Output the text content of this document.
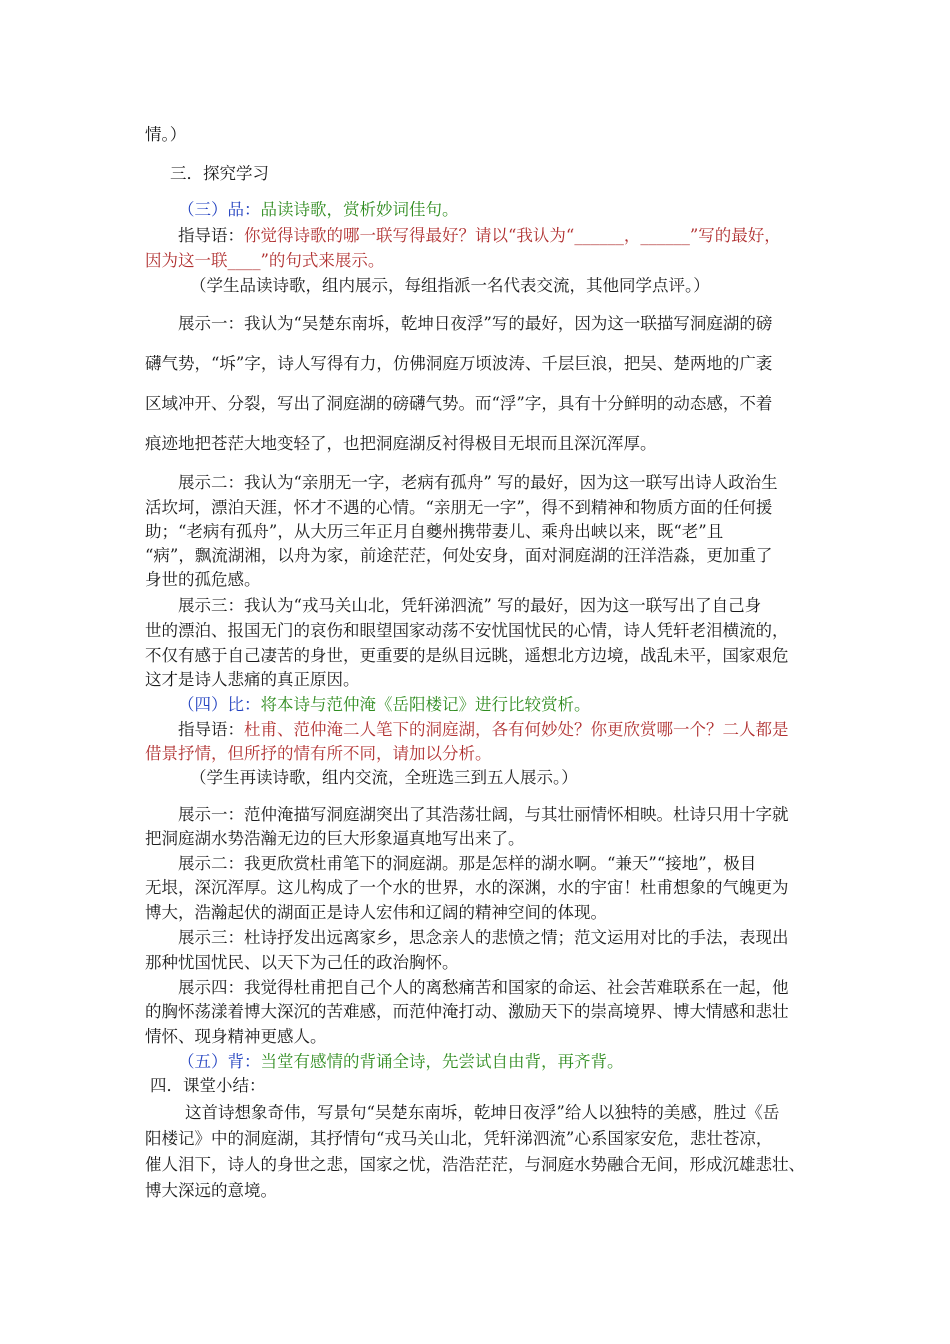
情。）
三．探究学习
（三）品：品读诗歌，赏析妙词佳句。
指导语：你觉得诗歌的哪一联写得最好？请以“我认为“______，______”写的最好，
因为这一联____”的句式来展示。
（学生品读诗歌，组内展示，每组指派一名代表交流，其他同学点评。）
展示一：我认为“吴楚东南坼，乾坤日夜浮”写的最好，因为这一联描写洞庭湖的磅
礴气势，“坼”字，诗人写得有力，仿佛洞庭万顷波涛、千层巨浪，把吴、楚两地的广袤
区域冲开、分裂，写出了洞庭湖的磅礴气势。而“浮”字，具有十分鲜明的动态感，不着
痕迹地把苍茫大地变轻了，也把洞庭湖反衬得极目无垠而且深沉浑厚。
展示二：我认为“亲朋无一字，老病有孤舟” 写的最好，因为这一联写出诗人政治生
活坎坷，漂泊天涯，怀才不遇的心情。“亲朋无一字”，得不到精神和物质方面的任何援
助；“老病有孤舟”，从大历三年正月自夔州携带妻儿、乘舟出峡以来，既“老”且
“病”，飘流湖湘，以舟为家，前途茫茫，何处安身，面对洞庭湖的汪洋浩淼，更加重了
身世的孤危感。
展示三：我认为“戎马关山北，凭轩涕泗流” 写的最好，因为这一联写出了自己身
世的漂泊、报国无门的哀伤和眼望国家动荡不安忧国忧民的心情，诗人凭轩老泪横流的，
不仅有感于自己凄苦的身世，更重要的是纵目远眺，遥想北方边境，战乱未平，国家艰危
这才是诗人悲痛的真正原因。
（四）比：将本诗与范仲淹《岳阳楼记》进行比较赏析。
指导语：杜甫、范仲淹二人笔下的洞庭湖，各有何妙处？你更欣赏哪一个？二人都是
借景抒情，但所抒的情有所不同，请加以分析。
（学生再读诗歌，组内交流，全班选三到五人展示。）
展示一：范仲淹描写洞庭湖突出了其浩荡壮阔，与其壮丽情怀相映。杜诗只用十字就
把洞庭湖水势浩瀚无边的巨大形象逼真地写出来了。
展示二：我更欣赏杜甫笔下的洞庭湖。那是怎样的湖水啊。“兼天”“接地”，极目
无垠，深沉浑厚。这儿构成了一个水的世界，水的深渊，水的宇宙！杜甫想象的气魄更为
博大，浩瀚起伏的湖面正是诗人宏伟和辽阔的精神空间的体现。
展示三：杜诗抒发出远离家乡，思念亲人的悲愤之情；范文运用对比的手法，表现出
那种忧国忧民、以天下为己任的政治胸怀。
展示四：我觉得杜甫把自己个人的离愁痛苦和国家的命运、社会苦难联系在一起，他
的胸怀荡漾着博大深沉的苦难感，而范仲淹打动、激励天下的崇高境界、博大情感和悲壮
情怀、现身精神更感人。
（五）背：当堂有感情的背诵全诗，先尝试自由背，再齐背。
四．课堂小结：
这首诗想象奇伟，写景句“吴楚东南坼，乾坤日夜浮”给人以独特的美感，胜过《岳
阳楼记》中的洞庭湖，其抒情句“戎马关山北，凭轩涕泗流”心系国家安危，悲壮苍凉，
催人泪下，诗人的身世之悲，国家之忧，浩浩茫茫，与洞庭水势融合无间，形成沉雄悲壮、
博大深远的意境。
